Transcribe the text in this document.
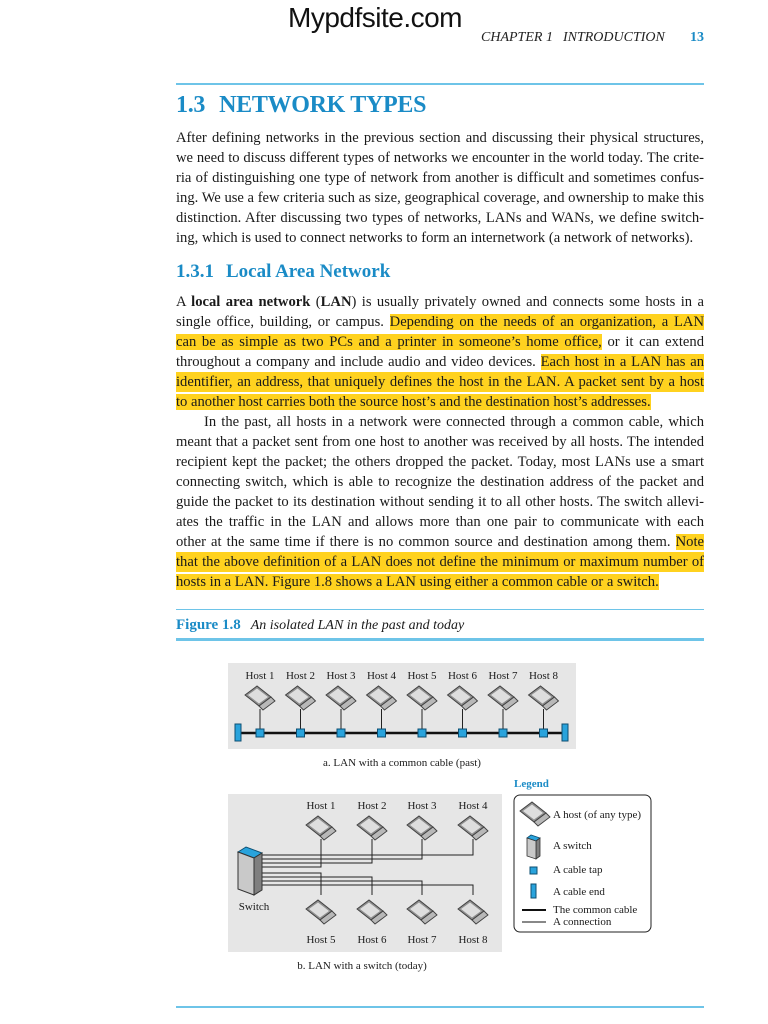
Mypdfsite.com
CHAPTER 1 INTRODUCTION 13
1.3 NETWORK TYPES
After defining networks in the previous section and discussing their physical structures,
we need to discuss different types of networks we encounter in the world today. The crite-
ria of distinguishing one type of network from another is difficult and sometimes confus-
ing. We use a few criteria such as size, geographical coverage, and ownership to make this
distinction. After discussing two types of networks, LANs and WANs, we define switch-
ing, which is used to connect networks to form an internetwork (a network of networks).
1.3.1 Local Area Network
A local area network (LAN) is usually privately owned and connects some hosts in a
single office, building, or campus. Depending on the needs of an organization, a LAN
can be as simple as two PCs and a printer in someone’s home office, or it can extend
throughout a company and include audio and video devices. Each host in a LAN has an
identifier, an address, that uniquely defines the host in the LAN. A packet sent by a host
to another host carries both the source host’s and the destination host’s addresses.
In the past, all hosts in a network were connected through a common cable, which
meant that a packet sent from one host to another was received by all hosts. The intended
recipient kept the packet; the others dropped the packet. Today, most LANs use a smart
connecting switch, which is able to recognize the destination address of the packet and
guide the packet to its destination without sending it to all other hosts. The switch allevi-
ates the traffic in the LAN and allows more than one pair to communicate with each
other at the same time if there is no common source and destination among them. Note
that the above definition of a LAN does not define the minimum or maximum number of
hosts in a LAN. Figure 1.8 shows a LAN using either a common cable or a switch.
Figure 1.8 An isolated LAN in the past and today
Host 1 Host 2 Host 3 Host 4 Host 5 Host 6 Host 7 Host 8
a. LAN with a common cable (past)
Host 1 Host 2 Host 3 Host 4
Host 5 Host 6 Host 7 Host 8
Switch
b. LAN with a switch (today)
Legend
A host (of any type)
A switch
A cable tap
A cable end
The common cable
A connection
